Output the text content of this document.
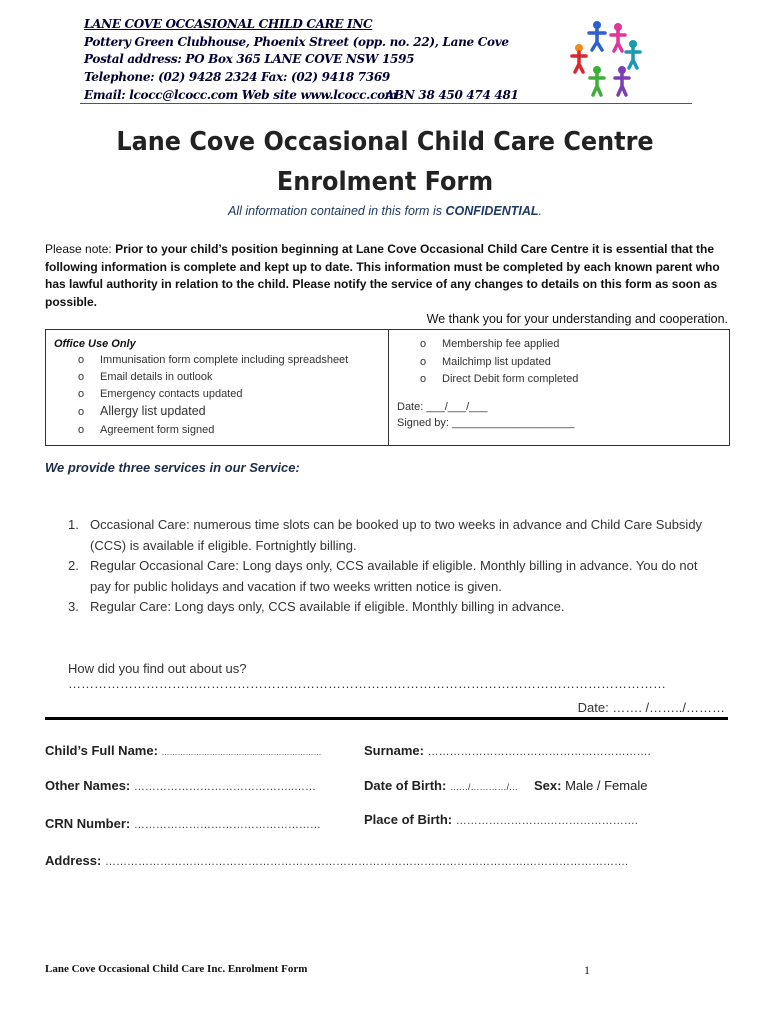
LANE COVE OCCASIONAL CHILD CARE INC
Pottery Green Clubhouse, Phoenix Street (opp. no. 22), Lane Cove
Postal address: PO Box 365 LANE COVE NSW 1595
Telephone: (02) 9428 2324 Fax: (02) 9418 7369
Email: lcocc@lcocc.com Web site www.lcocc.com
ABN 38 450 474 481
Lane Cove Occasional Child Care Centre
Enrolment Form
All information contained in this form is CONFIDENTIAL.
Please note: Prior to your child’s position beginning at Lane Cove Occasional Child Care Centre it is essential that the following information is complete and kept up to date. This information must be completed by each known parent who has lawful authority in relation to the child. Please notify the service of any changes to details on this form as soon as possible.
We thank you for your understanding and cooperation.
Office Use Only
o Immunisation form complete including spreadsheet
o Email details in outlook
o Emergency contacts updated
o Allergy list updated
o Agreement form signed
o Membership fee applied
o Mailchimp list updated
o Direct Debit form completed
Date: ___/___/___
Signed by: ____________________
We provide three services in our Service:
1. Occasional Care: numerous time slots can be booked up to two weeks in advance and Child Care Subsidy
(CCS) is available if eligible. Fortnightly billing.
2. Regular Occasional Care: Long days only, CCS available if eligible. Monthly billing in advance. You do not
pay for public holidays and vacation if two weeks written notice is given.
3. Regular Care: Long days only, CCS available if eligible. Monthly billing in advance.
How did you find out about us? …………………………………………………………………………………………………………………………
Date: ……. /……../………
Child’s Full Name: ……………………………………………………	Surname: …………………………………………………….
Other Names: ……………………………………..……	Date of Birth: ……/…………/… Sex: Male / Female
CRN Number: ……………………………………………	Place of Birth: …………………….…………………….
Address: …………………………………………………………………………………………………….……………………….
Lane Cove Occasional Child Care Inc. Enrolment Form	1
